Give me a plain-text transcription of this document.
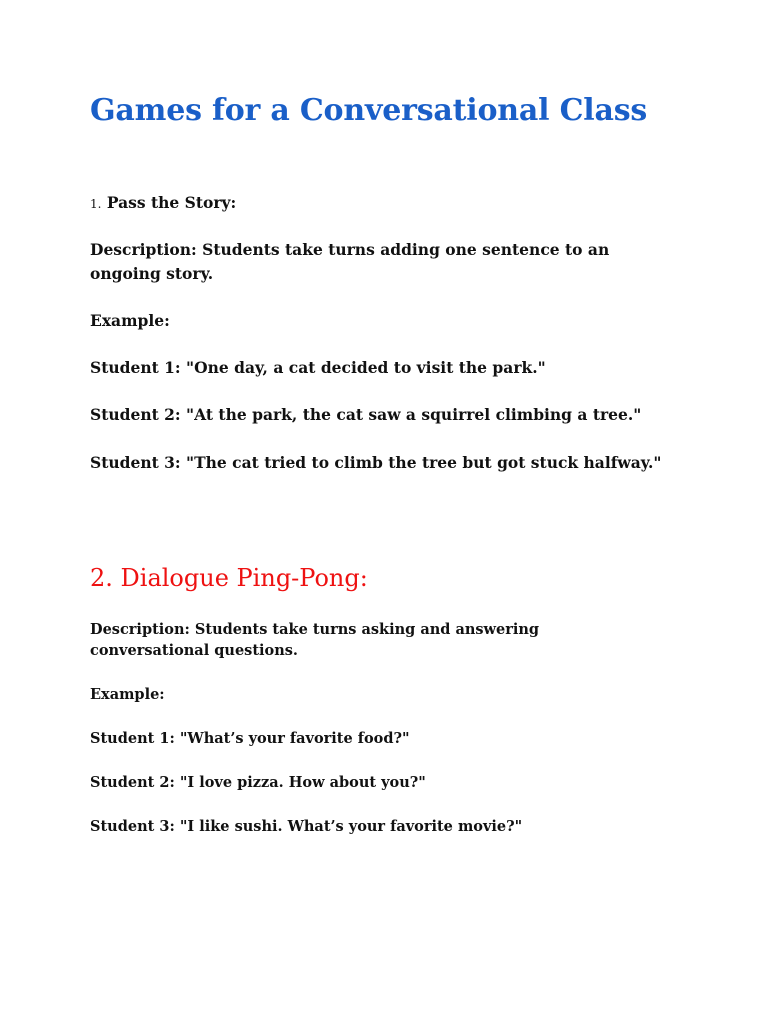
Games for a Conversational Class

1. Pass the Story:

Description: Students take turns adding one sentence to an

ongoing story.

Example:

Student 1: "One day, a cat decided to visit the park."

Student 2: "At the park, the cat saw a squirrel climbing a tree."

Student 3: "The cat tried to climb the tree but got stuck halfway."

2. Dialogue Ping-Pong:

Description: Students take turns asking and answering

conversational questions.

Example:

Student 1: "What’s your favorite food?"

Student 2: "I love pizza. How about you?"

Student 3: "I like sushi. What’s your favorite movie?"
